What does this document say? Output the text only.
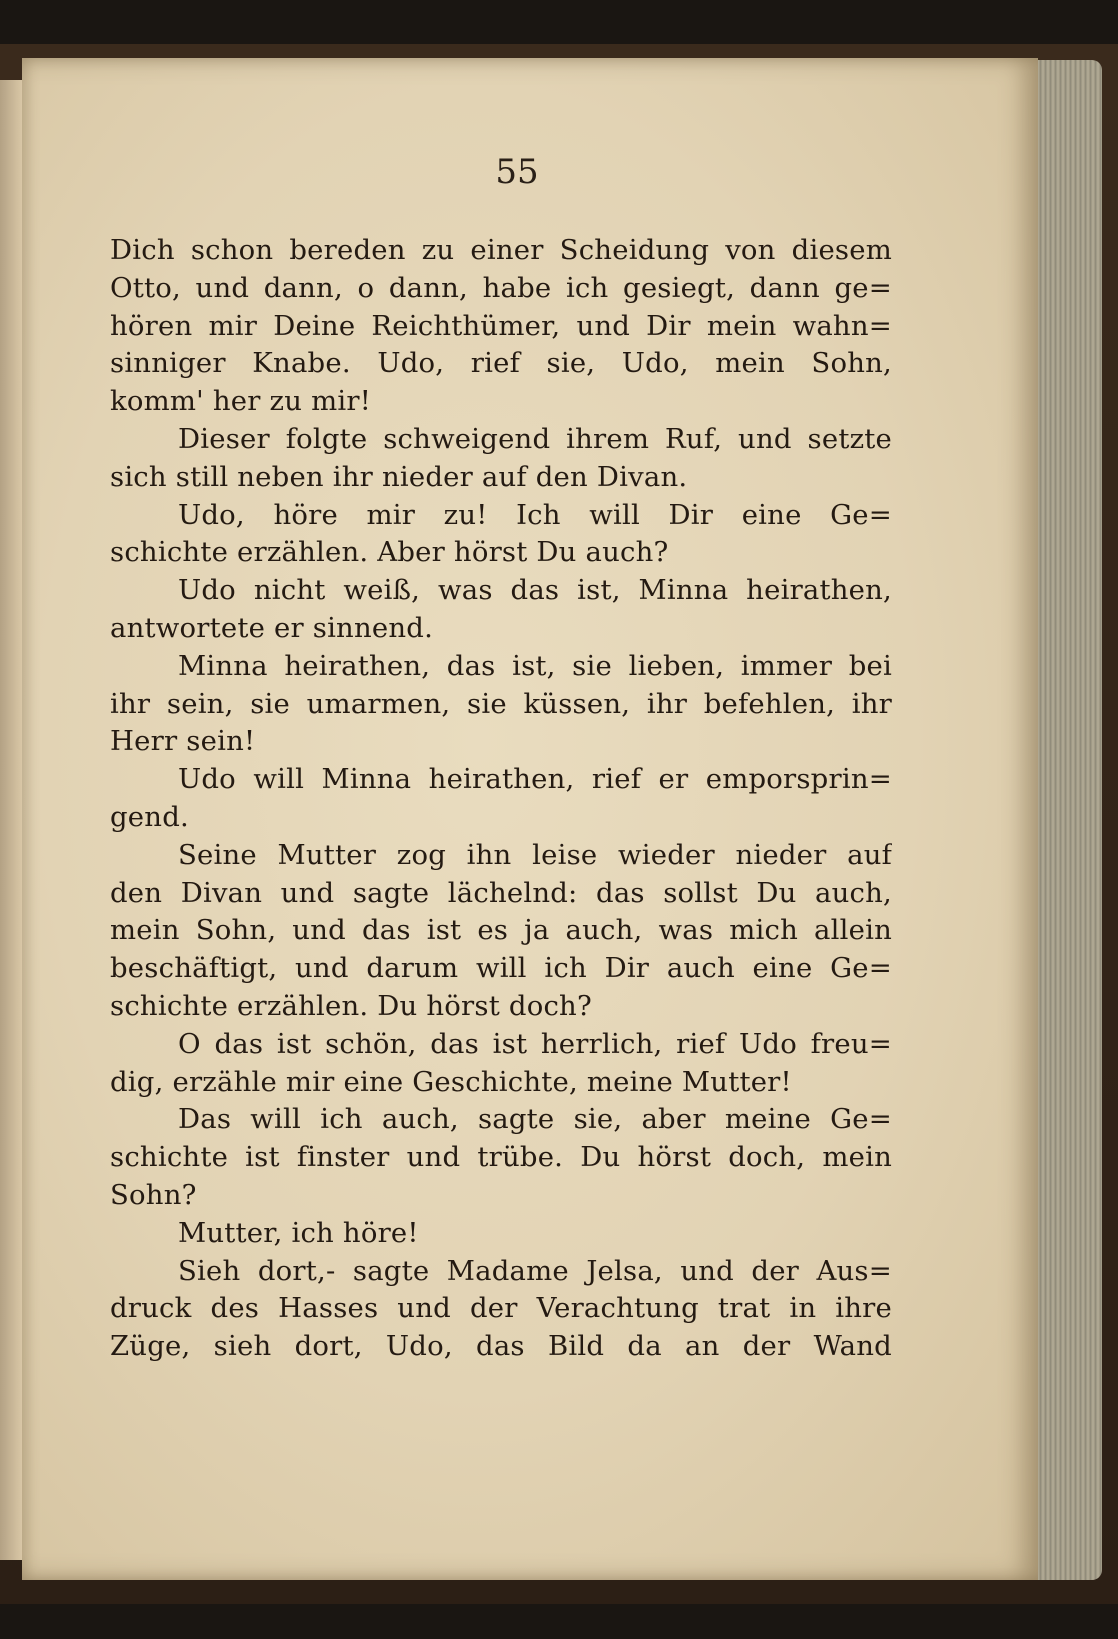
55
Dich schon bereden zu einer Scheidung von diesem
Otto, und dann, o dann, habe ich gesiegt, dann ge=
hören mir Deine Reichthümer, und Dir mein wahn=
sinniger Knabe. Udo, rief sie, Udo, mein Sohn,
komm' her zu mir!
Dieser folgte schweigend ihrem Ruf, und setzte
sich still neben ihr nieder auf den Divan.
Udo, höre mir zu! Ich will Dir eine Ge=
schichte erzählen. Aber hörst Du auch?
Udo nicht weiß, was das ist, Minna heirathen,
antwortete er sinnend.
Minna heirathen, das ist, sie lieben, immer bei
ihr sein, sie umarmen, sie küssen, ihr befehlen, ihr
Herr sein!
Udo will Minna heirathen, rief er emporsprin=
gend.
Seine Mutter zog ihn leise wieder nieder auf
den Divan und sagte lächelnd: das sollst Du auch,
mein Sohn, und das ist es ja auch, was mich allein
beschäftigt, und darum will ich Dir auch eine Ge=
schichte erzählen. Du hörst doch?
O das ist schön, das ist herrlich, rief Udo freu=
dig, erzähle mir eine Geschichte, meine Mutter!
Das will ich auch, sagte sie, aber meine Ge=
schichte ist finster und trübe. Du hörst doch, mein
Sohn?
Mutter, ich höre!
Sieh dort,- sagte Madame Jelsa, und der Aus=
druck des Hasses und der Verachtung trat in ihre
Züge, sieh dort, Udo, das Bild da an der Wand
